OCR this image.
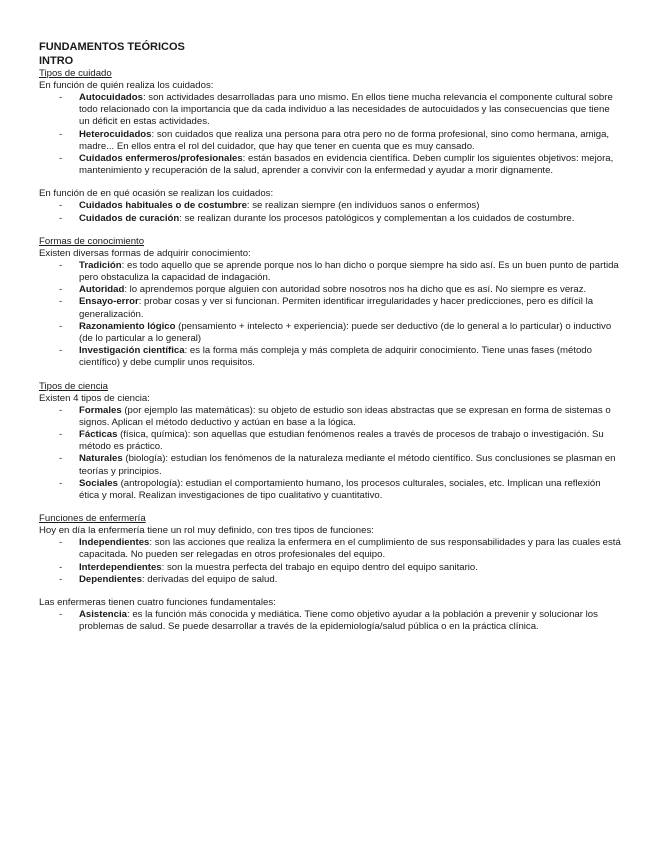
FUNDAMENTOS TEÓRICOS

INTRO

Tipos de cuidado

En función de quién realiza los cuidados:

- Autocuidados: son actividades desarrolladas para uno mismo. En ellos tiene mucha relevancia el componente cultural sobre todo relacionado con la importancia que da cada individuo a las necesidades de autocuidados y las consecuencias que tiene un déficit en estas actividades.
- Heterocuidados: son cuidados que realiza una persona para otra pero no de forma profesional, sino como hermana, amiga, madre... En ellos entra el rol del cuidador, que hay que tener en cuenta que es muy cansado.
- Cuidados enfermeros/profesionales: están basados en evidencia científica. Deben cumplir los siguientes objetivos: mejora, mantenimiento y recuperación de la salud, aprender a convivir con la enfermedad y ayudar a morir dignamente.

En función de en qué ocasión se realizan los cuidados:

- Cuidados habituales o de costumbre: se realizan siempre (en individuos sanos o enfermos)
- Cuidados de curación: se realizan durante los procesos patológicos y complementan a los cuidados de costumbre.

Formas de conocimiento

Existen diversas formas de adquirir conocimiento:

- Tradición: es todo aquello que se aprende porque nos lo han dicho o porque siempre ha sido así. Es un buen punto de partida pero obstaculiza la capacidad de indagación.
- Autoridad: lo aprendemos porque alguien con autoridad sobre nosotros nos ha dicho que es así. No siempre es veraz.
- Ensayo-error: probar cosas y ver si funcionan. Permiten identificar irregularidades y hacer predicciones, pero es difícil la generalización.
- Razonamiento lógico (pensamiento + intelecto + experiencia): puede ser deductivo (de lo general a lo particular) o inductivo (de lo particular a lo general)
- Investigación científica: es la forma más compleja y más completa de adquirir conocimiento. Tiene unas fases (método científico) y debe cumplir unos requisitos.

Tipos de ciencia

Existen 4 tipos de ciencia:

- Formales (por ejemplo las matemáticas): su objeto de estudio son ideas abstractas que se expresan en forma de sistemas o signos. Aplican el método deductivo y actúan en base a la lógica.
- Fácticas (física, química): son aquellas que estudian fenómenos reales a través de procesos de trabajo o investigación. Su método es práctico.
- Naturales (biología): estudian los fenómenos de la naturaleza mediante el método científico. Sus conclusiones se plasman en teorías y principios.
- Sociales (antropología): estudian el comportamiento humano, los procesos culturales, sociales, etc. Implican una reflexión ética y moral. Realizan investigaciones de tipo cualitativo y cuantitativo.

Funciones de enfermería

Hoy en día la enfermería tiene un rol muy definido, con tres tipos de funciones:

- Independientes: son las acciones que realiza la enfermera en el cumplimiento de sus responsabilidades y para las cuales está capacitada. No pueden ser relegadas en otros profesionales del equipo.
- Interdependientes: son la muestra perfecta del trabajo en equipo dentro del equipo sanitario.
- Dependientes: derivadas del equipo de salud.

Las enfermeras tienen cuatro funciones fundamentales:

- Asistencia: es la función más conocida y mediática. Tiene como objetivo ayudar a la población a prevenir y solucionar los problemas de salud. Se puede desarrollar a través de la epidemiología/salud pública o en la práctica clínica.
